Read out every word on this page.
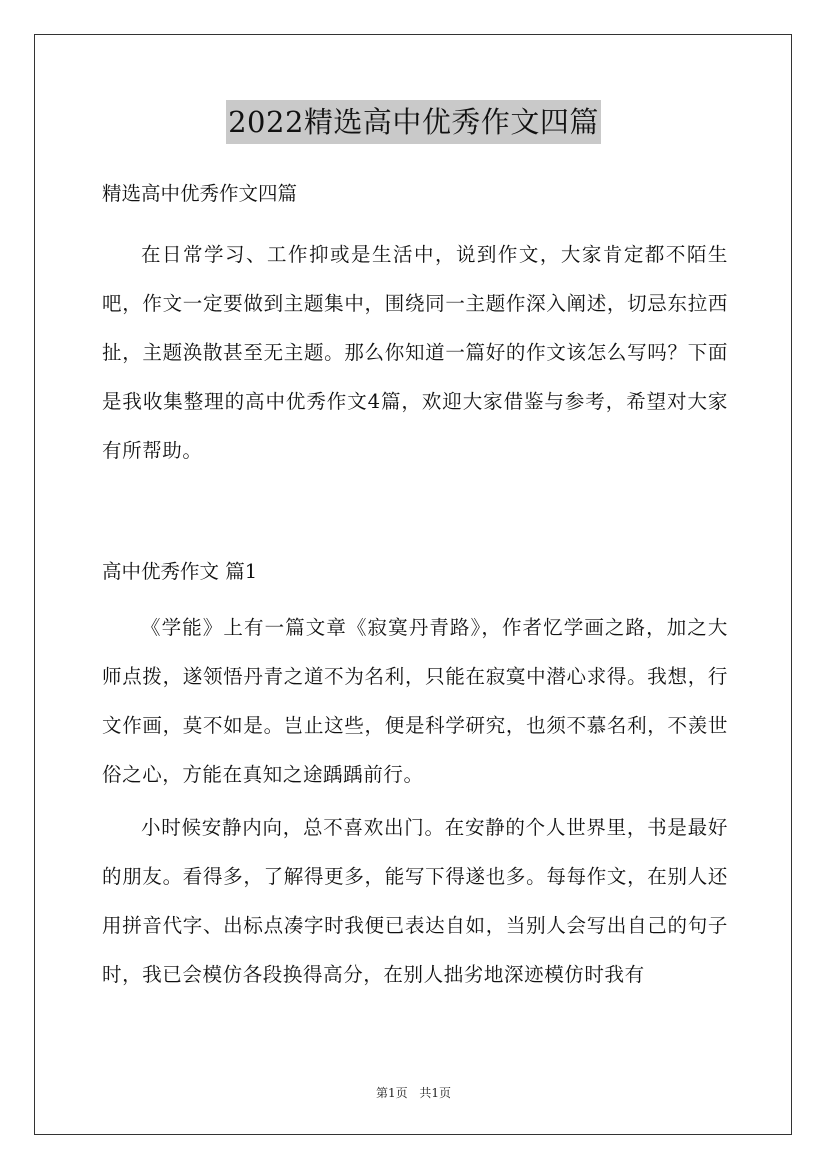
2022精选高中优秀作文四篇

精选高中优秀作文四篇

在日常学习、工作抑或是生活中，说到作文，大家肯定都不陌生吧，作文一定要做到主题集中，围绕同一主题作深入阐述，切忌东拉西扯，主题涣散甚至无主题。那么你知道一篇好的作文该怎么写吗？下面是我收集整理的高中优秀作文4篇，欢迎大家借鉴与参考，希望对大家有所帮助。

高中优秀作文 篇1

《学能》上有一篇文章《寂寞丹青路》，作者忆学画之路，加之大师点拨，遂领悟丹青之道不为名利，只能在寂寞中潜心求得。我想，行文作画，莫不如是。岂止这些，便是科学研究，也须不慕名利，不羡世俗之心，方能在真知之途踽踽前行。

小时候安静内向，总不喜欢出门。在安静的个人世界里，书是最好的朋友。看得多，了解得更多，能写下得遂也多。每每作文，在别人还用拼音代字、出标点凑字时我便已表达自如，当别人会写出自己的句子时，我已会模仿各段换得高分，在别人拙劣地深迹模仿时我有

第1页 共1页
